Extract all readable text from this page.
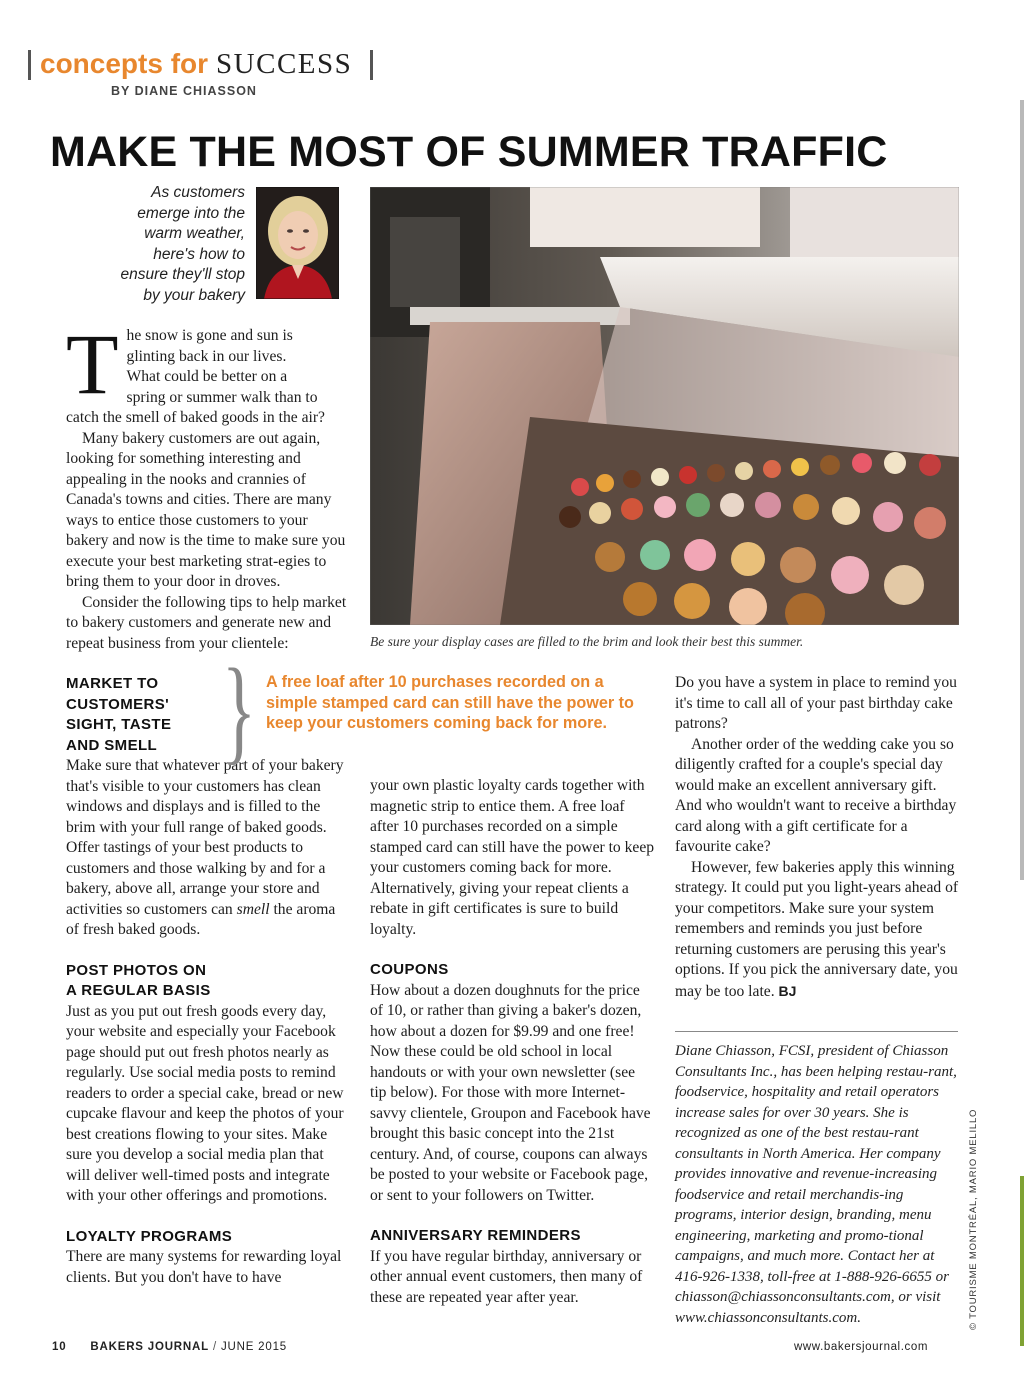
concepts for SUCCESS
BY DIANE CHIASSON
MAKE THE MOST OF SUMMER TRAFFIC
As customers
emerge into the
warm weather,
here's how to
ensure they'll stop
by your bakery
Be sure your display cases are filled to the brim and look their best this summer.
T he snow is gone and sun is
glinting back in our lives.
What could be better on a
spring or summer walk than to
catch the smell of baked goods in the air?

Many bakery customers are out again, looking for something interesting and appealing in the nooks and crannies of Canada's towns and cities. There are many ways to entice those customers to your bakery and now is the time to make sure you execute your best marketing strat-egies to bring them to your door in droves.

Consider the following tips to help market to bakery customers and generate new and repeat business from your clientele:

MARKET TO
CUSTOMERS'
SIGHT, TASTE
AND SMELL

Make sure that whatever part of your bakery that's visible to your customers has clean windows and displays and is filled to the brim with your full range of baked goods. Offer tastings of your best products to customers and those walking by and for a bakery, above all, arrange your store and activities so customers can smell the aroma of fresh baked goods.

POST PHOTOS ON
A REGULAR BASIS

Just as you put out fresh goods every day, your website and especially your Facebook page should put out fresh photos nearly as regularly. Use social media posts to remind readers to order a special cake, bread or new cupcake flavour and keep the photos of your best creations flowing to your sites. Make sure you develop a social media plan that will deliver well-timed posts and integrate with your other offerings and promotions.

LOYALTY PROGRAMS

There are many systems for rewarding loyal clients. But you don't have to have

} A free loaf after 10 purchases recorded on a simple stamped card can still have the power to keep your customers coming back for more.

your own plastic loyalty cards together with magnetic strip to entice them. A free loaf after 10 purchases recorded on a simple stamped card can still have the power to keep your customers coming back for more. Alternatively, giving your repeat clients a rebate in gift certificates is sure to build loyalty.

COUPONS

How about a dozen doughnuts for the price of 10, or rather than giving a baker's dozen, how about a dozen for $9.99 and one free! Now these could be old school in local handouts or with your own newsletter (see tip below). For those with more Internet-savvy clientele, Groupon and Facebook have brought this basic concept into the 21st century. And, of course, coupons can always be posted to your website or Facebook page, or sent to your followers on Twitter.

ANNIVERSARY REMINDERS

If you have regular birthday, anniversary or other annual event customers, then many of these are repeated year after year.

Do you have a system in place to remind you it's time to call all of your past birthday cake patrons?

Another order of the wedding cake you so diligently crafted for a couple's special day would make an excellent anniversary gift. And who wouldn't want to receive a birthday card along with a gift certificate for a favourite cake?

However, few bakeries apply this winning strategy. It could put you light-years ahead of your competitors. Make sure your system remembers and reminds you just before returning customers are perusing this year's options. If you pick the anniversary date, you may be too late. BJ

Diane Chiasson, FCSI, president of Chiasson Consultants Inc., has been helping restau-rant, foodservice, hospitality and retail operators increase sales for over 30 years. She is recognized as one of the best restau-rant consultants in North America. Her company provides innovative and revenue-increasing foodservice and retail merchandis-ing programs, interior design, branding, menu engineering, marketing and promo-tional campaigns, and much more. Contact her at 416-926-1338, toll-free at 1-888-926-6655 or chiasson@chiassonconsultants.com, or visit www.chiassonconsultants.com.	© TOURISME MONTRÉAL, MARIO MELILLO
10 BAKERS JOURNAL / JUNE 2015	www.bakersjournal.com
